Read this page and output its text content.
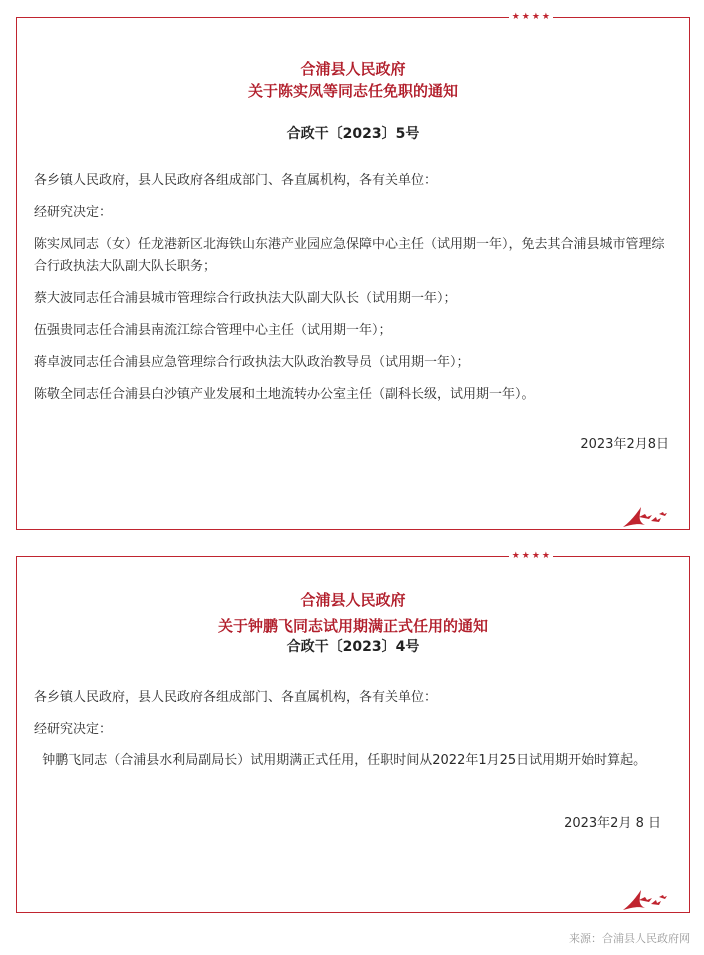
★ ★ ★ ★
合浦县人民政府
关于陈实凤等同志任免职的通知
合政干〔2023〕5号

各乡镇人民政府，县人民政府各组成部门、各直属机构，各有关单位：

经研究决定：

陈实凤同志（女）任龙港新区北海铁山东港产业园应急保障中心主任（试用期一年），免去其合浦县城市管理综合行政执法大队副大队长职务；

蔡大波同志任合浦县城市管理综合行政执法大队副大队长（试用期一年）；

伍强贵同志任合浦县南流江综合管理中心主任（试用期一年）；

蒋卓波同志任合浦县应急管理综合行政执法大队政治教导员（试用期一年）；

陈敬全同志任合浦县白沙镇产业发展和土地流转办公室主任（副科长级，试用期一年）。

2023年2月8日
★ ★ ★ ★
合浦县人民政府
关于钟鹏飞同志试用期满正式任用的通知
合政干〔2023〕4号

各乡镇人民政府，县人民政府各组成部门、各直属机构，各有关单位：

经研究决定：

钟鹏飞同志（合浦县水利局副局长）试用期满正式任用，任职时间从2022年1月25日试用期开始时算起。

2023年2月 8 日
来源：合浦县人民政府网
